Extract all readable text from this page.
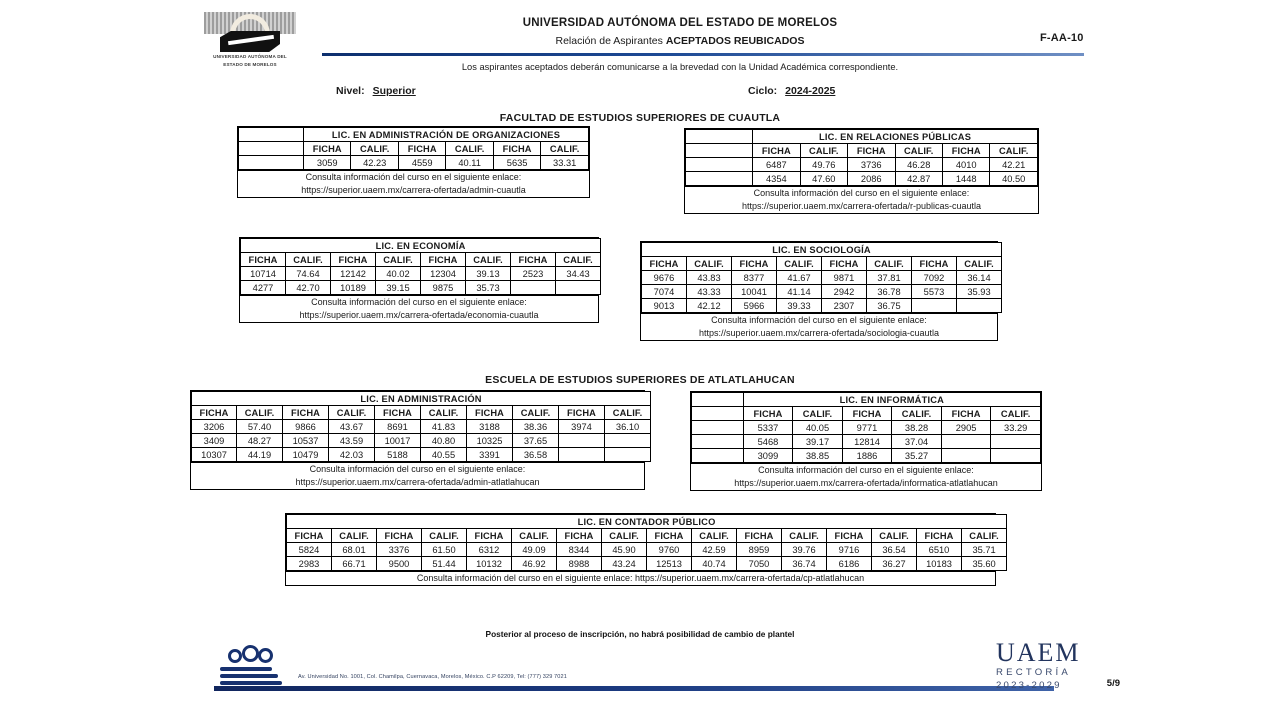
UNIVERSIDAD AUTÓNOMA DEL
ESTADO DE MORELOS
UNIVERSIDAD AUTÓNOMA DEL ESTADO DE MORELOS
Relación de Aspirantes ACEPTADOS REUBICADOS	F-AA-10
Los aspirantes aceptados deberán comunicarse a la brevedad con la Unidad Académica correspondiente.
Nivel: Superior	Ciclo: 2024-2025
FACULTAD DE ESTUDIOS SUPERIORES DE CUAUTLA
	LIC. EN ADMINISTRACIÓN DE ORGANIZACIONES					
	FICHA	CALIF.	FICHA	CALIF.	FICHA	CALIF.
	3059	42.23	4559	40.11	5635	33.31
Consulta información del curso en el siguiente enlace:
https://superior.uaem.mx/carrera-ofertada/admin-cuautla
	LIC. EN RELACIONES PÚBLICAS					
	FICHA	CALIF.	FICHA	CALIF.	FICHA	CALIF.
	6487	49.76	3736	46.28	4010	42.21
	4354	47.60	2086	42.87	1448	40.50
Consulta información del curso en el siguiente enlace:
https://superior.uaem.mx/carrera-ofertada/r-publicas-cuautla
LIC. EN ECONOMÍA							
FICHA	CALIF.	FICHA	CALIF.	FICHA	CALIF.	FICHA	CALIF.
10714	74.64	12142	40.02	12304	39.13	2523	34.43
4277	42.70	10189	39.15	9875	35.73		
Consulta información del curso en el siguiente enlace:
https://superior.uaem.mx/carrera-ofertada/economia-cuautla
LIC. EN SOCIOLOGÍA							
FICHA	CALIF.	FICHA	CALIF.	FICHA	CALIF.	FICHA	CALIF.
9676	43.83	8377	41.67	9871	37.81	7092	36.14
7074	43.33	10041	41.14	2942	36.78	5573	35.93
9013	42.12	5966	39.33	2307	36.75		
Consulta información del curso en el siguiente enlace:
https://superior.uaem.mx/carrera-ofertada/sociologia-cuautla
LIC. EN ADMINISTRACIÓN									
FICHA	CALIF.	FICHA	CALIF.	FICHA	CALIF.	FICHA	CALIF.	FICHA	CALIF.
3206	57.40	9866	43.67	8691	41.83	3188	38.36	3974	36.10
3409	48.27	10537	43.59	10017	40.80	10325	37.65		
10307	44.19	10479	42.03	5188	40.55	3391	36.58		
Consulta información del curso en el siguiente enlace:
https://superior.uaem.mx/carrera-ofertada/admin-atlatlahucan
	LIC. EN INFORMÁTICA					
	FICHA	CALIF.	FICHA	CALIF.	FICHA	CALIF.
	5337	40.05	9771	38.28	2905	33.29
	5468	39.17	12814	37.04		
	3099	38.85	1886	35.27		
Consulta información del curso en el siguiente enlace:
https://superior.uaem.mx/carrera-ofertada/informatica-atlatlahucan
LIC. EN CONTADOR PÚBLICO															
FICHA	CALIF.	FICHA	CALIF.	FICHA	CALIF.	FICHA	CALIF.	FICHA	CALIF.	FICHA	CALIF.	FICHA	CALIF.	FICHA	CALIF.
5824	68.01	3376	61.50	6312	49.09	8344	45.90	9760	42.59	8959	39.76	9716	36.54	6510	35.71
2983	66.71	9500	51.44	10132	46.92	8988	43.24	12513	40.74	7050	36.74	6186	36.27	10183	35.60
Consulta información del curso en el siguiente enlace: https://superior.uaem.mx/carrera-ofertada/cp-atlatlahucan
ESCUELA DE ESTUDIOS SUPERIORES DE ATLATLAHUCAN
Posterior al proceso de inscripción, no habrá posibilidad de cambio de plantel
Av. Universidad No. 1001, Col. Chamilpa, Cuernavaca, Morelos, México. C.P 62209, Tel: (777) 329 7021
UAEM
RECTORÍA
2023-2029	5/9
